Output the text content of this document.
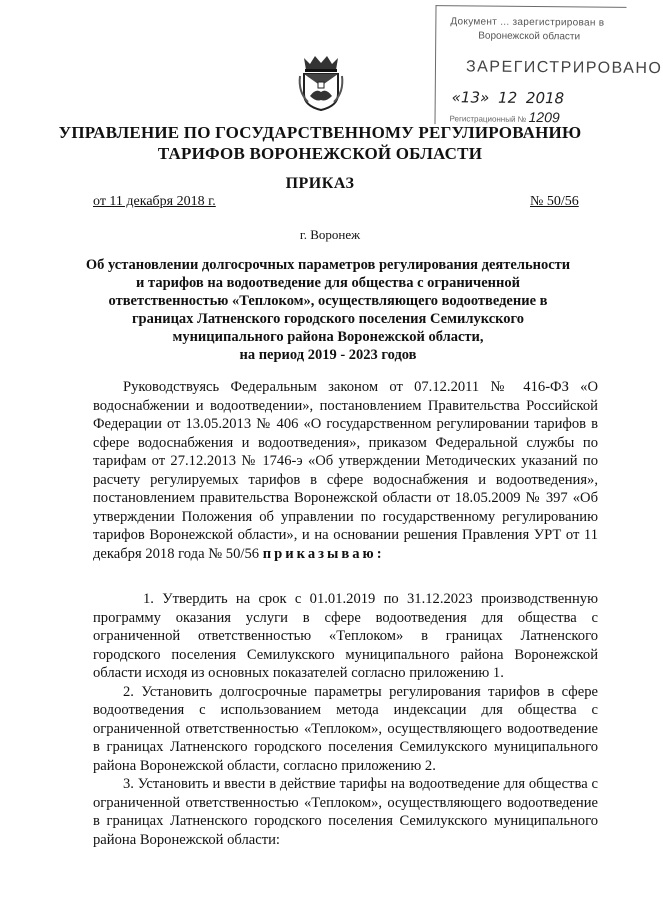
Документ ... зарегистрирован в
Воронежской области
ЗАРЕГИСТРИРОВАНО
«13» 12 2018
Регистрационный № 1209
УПРАВЛЕНИЕ ПО ГОСУДАРСТВЕННОМУ РЕГУЛИРОВАНИЮ
ТАРИФОВ ВОРОНЕЖСКОЙ ОБЛАСТИ
ПРИКАЗ
от 11 декабря 2018 г.	№ 50/56
г. Воронеж
Об установлении долгосрочных параметров регулирования деятельности
и тарифов на водоотведение для общества с ограниченной
ответственностью «Теплоком», осуществляющего водоотведение в
границах Латненского городского поселения Семилукского
муниципального района Воронежской области,
на период 2019 - 2023 годов

Руководствуясь Федеральным законом от 07.12.2011 № 416-ФЗ «О водоснабжении и водоотведении», постановлением Правительства Российской Федерации от 13.05.2013 № 406 «О государственном регулировании тарифов в сфере водоснабжения и водоотведения», приказом Федеральной службы по тарифам от 27.12.2013 № 1746-э «Об утверждении Методических указаний по расчету регулируемых тарифов в сфере водоснабжения и водоотведения», постановлением правительства Воронежской области от 18.05.2009 № 397 «Об утверждении Положения об управлении по государственному регулированию тарифов Воронежской области», и на основании решения Правления УРТ от 11 декабря 2018 года № 50/56 приказываю:

1. Утвердить на срок с 01.01.2019 по 31.12.2023 производственную программу оказания услуги в сфере водоотведения для общества с ограниченной ответственностью «Теплоком» в границах Латненского городского поселения Семилукского муниципального района Воронежской области исходя из основных показателей согласно приложению 1.

2. Установить долгосрочные параметры регулирования тарифов в сфере водоотведения с использованием метода индексации для общества с ограниченной ответственностью «Теплоком», осуществляющего водоотведение в границах Латненского городского поселения Семилукского муниципального района Воронежской области, согласно приложению 2.

3. Установить и ввести в действие тарифы на водоотведение для общества с ограниченной ответственностью «Теплоком», осуществляющего водоотведение в границах Латненского городского поселения Семилукского муниципального района Воронежской области:
